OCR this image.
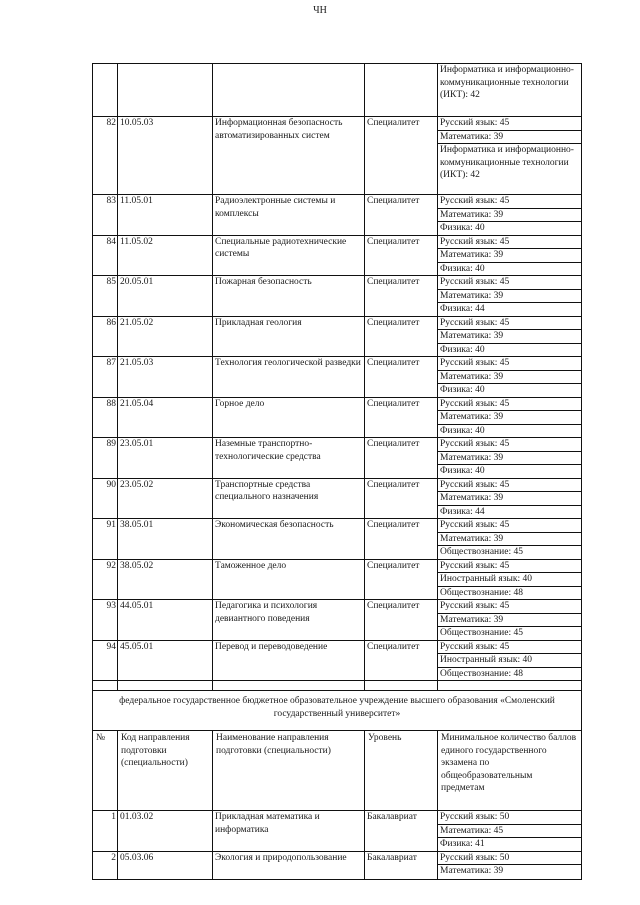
ЧН

				Информатика и информационно-коммуникационные технологии (ИКТ): 42

82	10.05.03	Информационная безопасность автоматизированных систем	Специалитет	Русский язык: 45
Математика: 39
Информатика и информационно-коммуникационные технологии (ИКТ): 42

83	11.05.01	Радиоэлектронные системы и комплексы	Специалитет	Русский язык: 45
Математика: 39
Физика: 40

84	11.05.02	Специальные радиотехнические системы	Специалитет	Русский язык: 45
Математика: 39
Физика: 40

85	20.05.01	Пожарная безопасность	Специалитет	Русский язык: 45
Математика: 39
Физика: 44

86	21.05.02	Прикладная геология	Специалитет	Русский язык: 45
Математика: 39
Физика: 40

87	21.05.03	Технология геологической разведки	Специалитет	Русский язык: 45
Математика: 39
Физика: 40

88	21.05.04	Горное дело	Специалитет	Русский язык: 45
Математика: 39
Физика: 40

89	23.05.01	Наземные транспортно-технологические средства	Специалитет	Русский язык: 45
Математика: 39
Физика: 40

90	23.05.02	Транспортные средства специального назначения	Специалитет	Русский язык: 45
Математика: 39
Физика: 44

91	38.05.01	Экономическая безопасность	Специалитет	Русский язык: 45
Математика: 39
Обществознание: 45

92	38.05.02	Таможенное дело	Специалитет	Русский язык: 45
Иностранный язык: 40
Обществознание: 48

93	44.05.01	Педагогика и психология девиантного поведения	Специалитет	Русский язык: 45
Математика: 39
Обществознание: 45

94	45.05.01	Перевод и переводоведение	Специалитет	Русский язык: 45
Иностранный язык: 40
Обществознание: 48

федеральное государственное бюджетное образовательное учреждение высшего образования «Смоленский государственный университет»				
№	Код направления подготовки (специальности)	Наименование направления подготовки (специальности)	Уровень	Минимальное количество баллов единого государственного экзамена по общеобразовательным предметам
1	01.03.02	Прикладная математика и информатика	Бакалавриат	Русский язык: 50
Математика: 45
Физика: 41

2	05.03.06	Экология и природопользование	Бакалавриат	Русский язык: 50
Математика: 39
